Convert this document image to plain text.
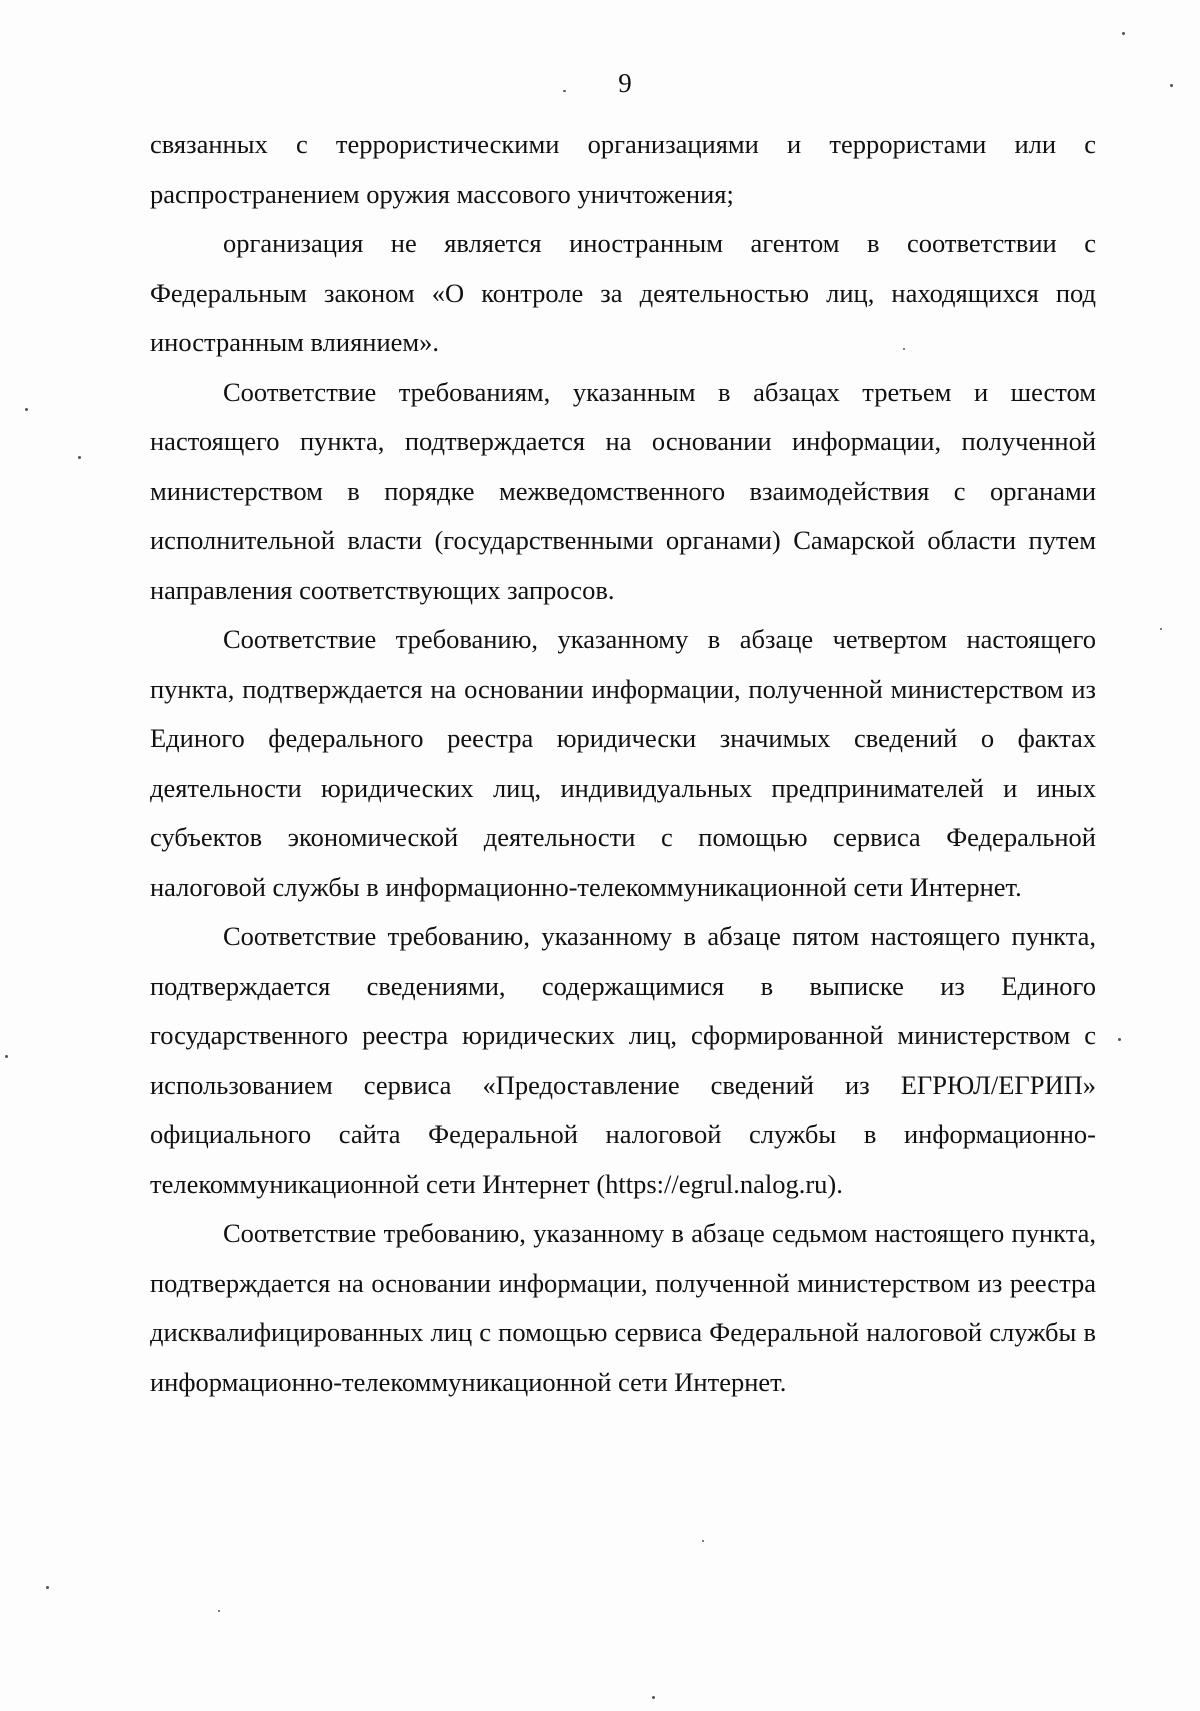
9

связанных с террористическими организациями и террористами или с распространением оружия массового уничтожения;

организация не является иностранным агентом в соответствии с Федеральным законом «О контроле за деятельностью лиц, находящихся под иностранным влиянием».

Соответствие требованиям, указанным в абзацах третьем и шестом настоящего пункта, подтверждается на основании информации, полученной министерством в порядке межведомственного взаимодействия с органами исполнительной власти (государственными органами) Самарской области путем направления соответствующих запросов.

Соответствие требованию, указанному в абзаце четвертом настоящего пункта, подтверждается на основании информации, полученной министерством из Единого федерального реестра юридически значимых сведений о фактах деятельности юридических лиц, индивидуальных предпринимателей и иных субъектов экономической деятельности с помощью сервиса Федеральной налоговой службы в информационно-телекоммуникационной сети Интернет.

Соответствие требованию, указанному в абзаце пятом настоящего пункта, подтверждается сведениями, содержащимися в выписке из Единого государственного реестра юридических лиц, сформированной министерством с использованием сервиса «Предоставление сведений из ЕГРЮЛ/ЕГРИП» официального сайта Федеральной налоговой службы в информационно-телекоммуникационной сети Интернет (https://egrul.nalog.ru).

Соответствие требованию, указанному в абзаце седьмом настоящего пункта, подтверждается на основании информации, полученной министерством из реестра дисквалифицированных лиц с помощью сервиса Федеральной налоговой службы в информационно-телекоммуникационной сети Интернет.
